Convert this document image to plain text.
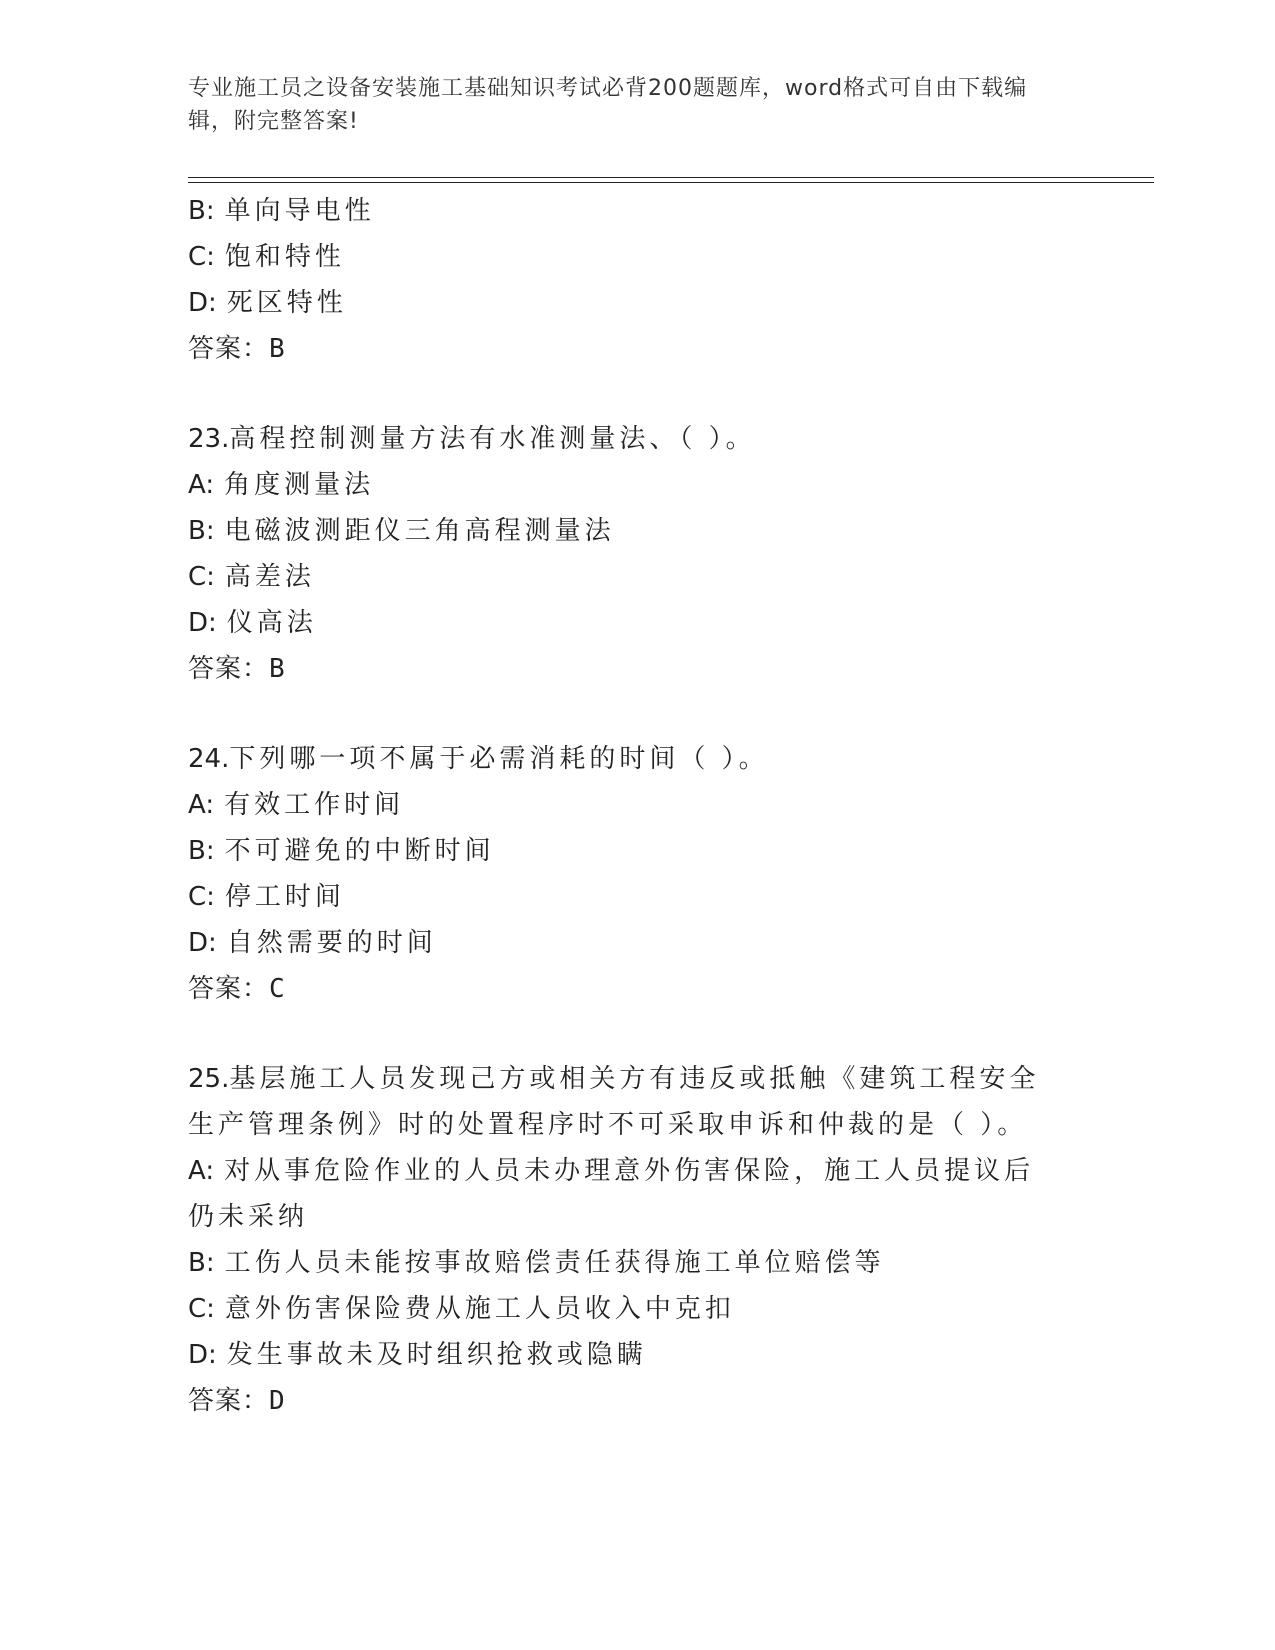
专业施工员之设备安装施工基础知识考试必背200题题库，word格式可自由下载编辑，附完整答案!
B: 单向导电性
C: 饱和特性
D: 死区特性
答案：B
23.高程控制测量方法有水准测量法、（ ）。
A: 角度测量法
B: 电磁波测距仪三角高程测量法
C: 高差法
D: 仪高法
答案：B
24.下列哪一项不属于必需消耗的时间（ ）。
A: 有效工作时间
B: 不可避免的中断时间
C: 停工时间
D: 自然需要的时间
答案：C
25.基层施工人员发现己方或相关方有违反或抵触《建筑工程安全生产管理条例》时的处置程序时不可采取申诉和仲裁的是（ ）。
A: 对从事危险作业的人员未办理意外伤害保险，施工人员提议后仍未采纳
B: 工伤人员未能按事故赔偿责任获得施工单位赔偿等
C: 意外伤害保险费从施工人员收入中克扣
D: 发生事故未及时组织抢救或隐瞒
答案：D
